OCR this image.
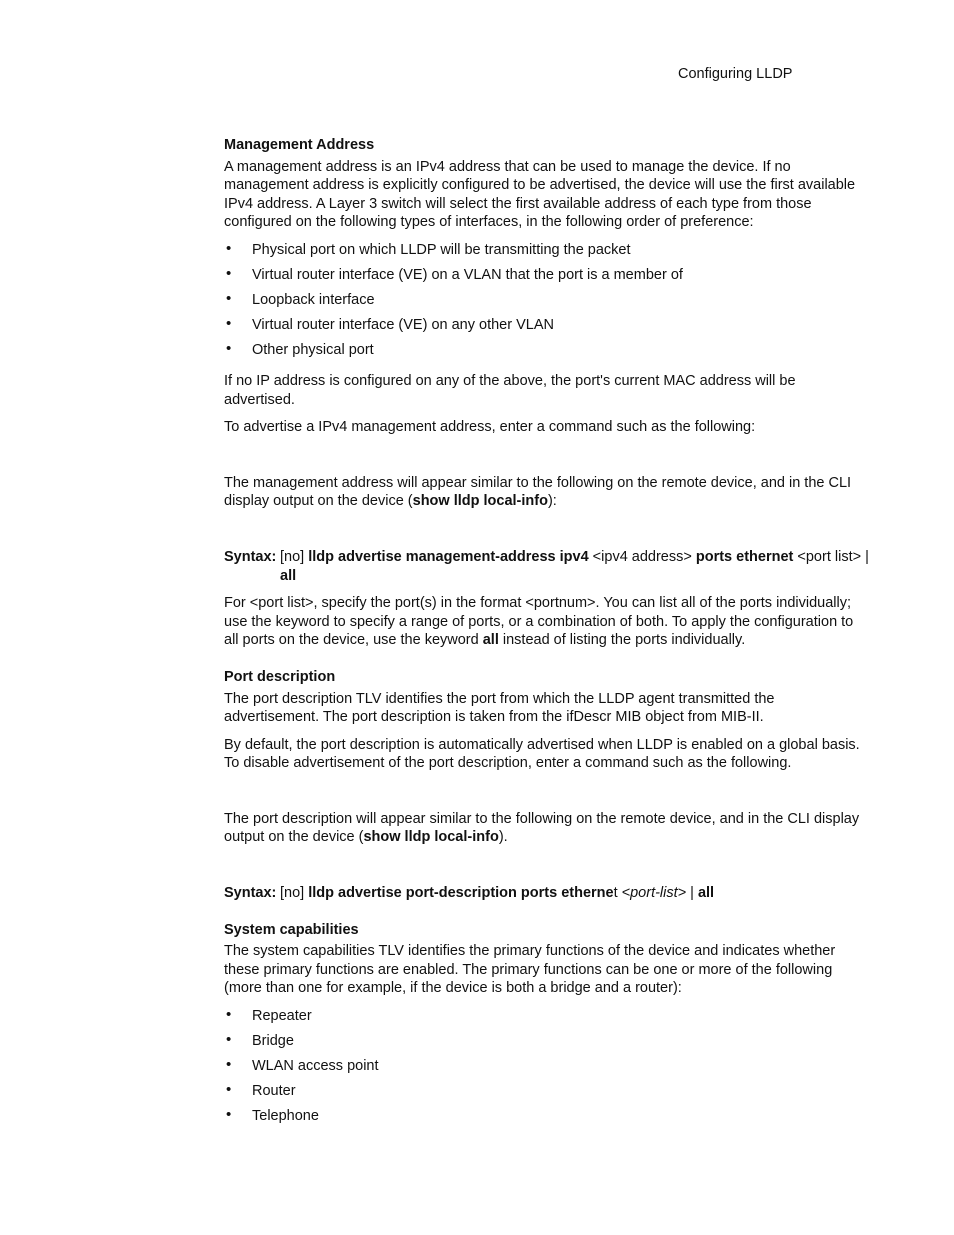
Configuring LLDP
Management Address

A management address is an IPv4 address that can be used to manage the device. If no management address is explicitly configured to be advertised, the device will use the first available IPv4 address. A Layer 3 switch will select the first available address of each type from those configured on the following types of interfaces, in the following order of preference:

• Physical port on which LLDP will be transmitting the packet
• Virtual router interface (VE) on a VLAN that the port is a member of
• Loopback interface
• Virtual router interface (VE) on any other VLAN
• Other physical port

If no IP address is configured on any of the above, the port's current MAC address will be advertised.

To advertise a IPv4 management address, enter a command such as the following:

The management address will appear similar to the following on the remote device, and in the CLI display output on the device (show lldp local-info):

Syntax: [no] lldp advertise management-address ipv4 <ipv4 address> ports ethernet <port list> | all

For <port list>, specify the port(s) in the format <portnum>. You can list all of the ports individually; use the keyword to specify a range of ports, or a combination of both. To apply the configuration to all ports on the device, use the keyword all instead of listing the ports individually.

Port description

The port description TLV identifies the port from which the LLDP agent transmitted the advertisement. The port description is taken from the ifDescr MIB object from MIB-II.

By default, the port description is automatically advertised when LLDP is enabled on a global basis. To disable advertisement of the port description, enter a command such as the following.

The port description will appear similar to the following on the remote device, and in the CLI display output on the device (show lldp local-info).

Syntax: [no] lldp advertise port-description ports ethernet <port-list> | all
System capabilities

The system capabilities TLV identifies the primary functions of the device and indicates whether these primary functions are enabled. The primary functions can be one or more of the following (more than one for example, if the device is both a bridge and a router):

• Repeater
• Bridge
• WLAN access point
• Router
• Telephone
